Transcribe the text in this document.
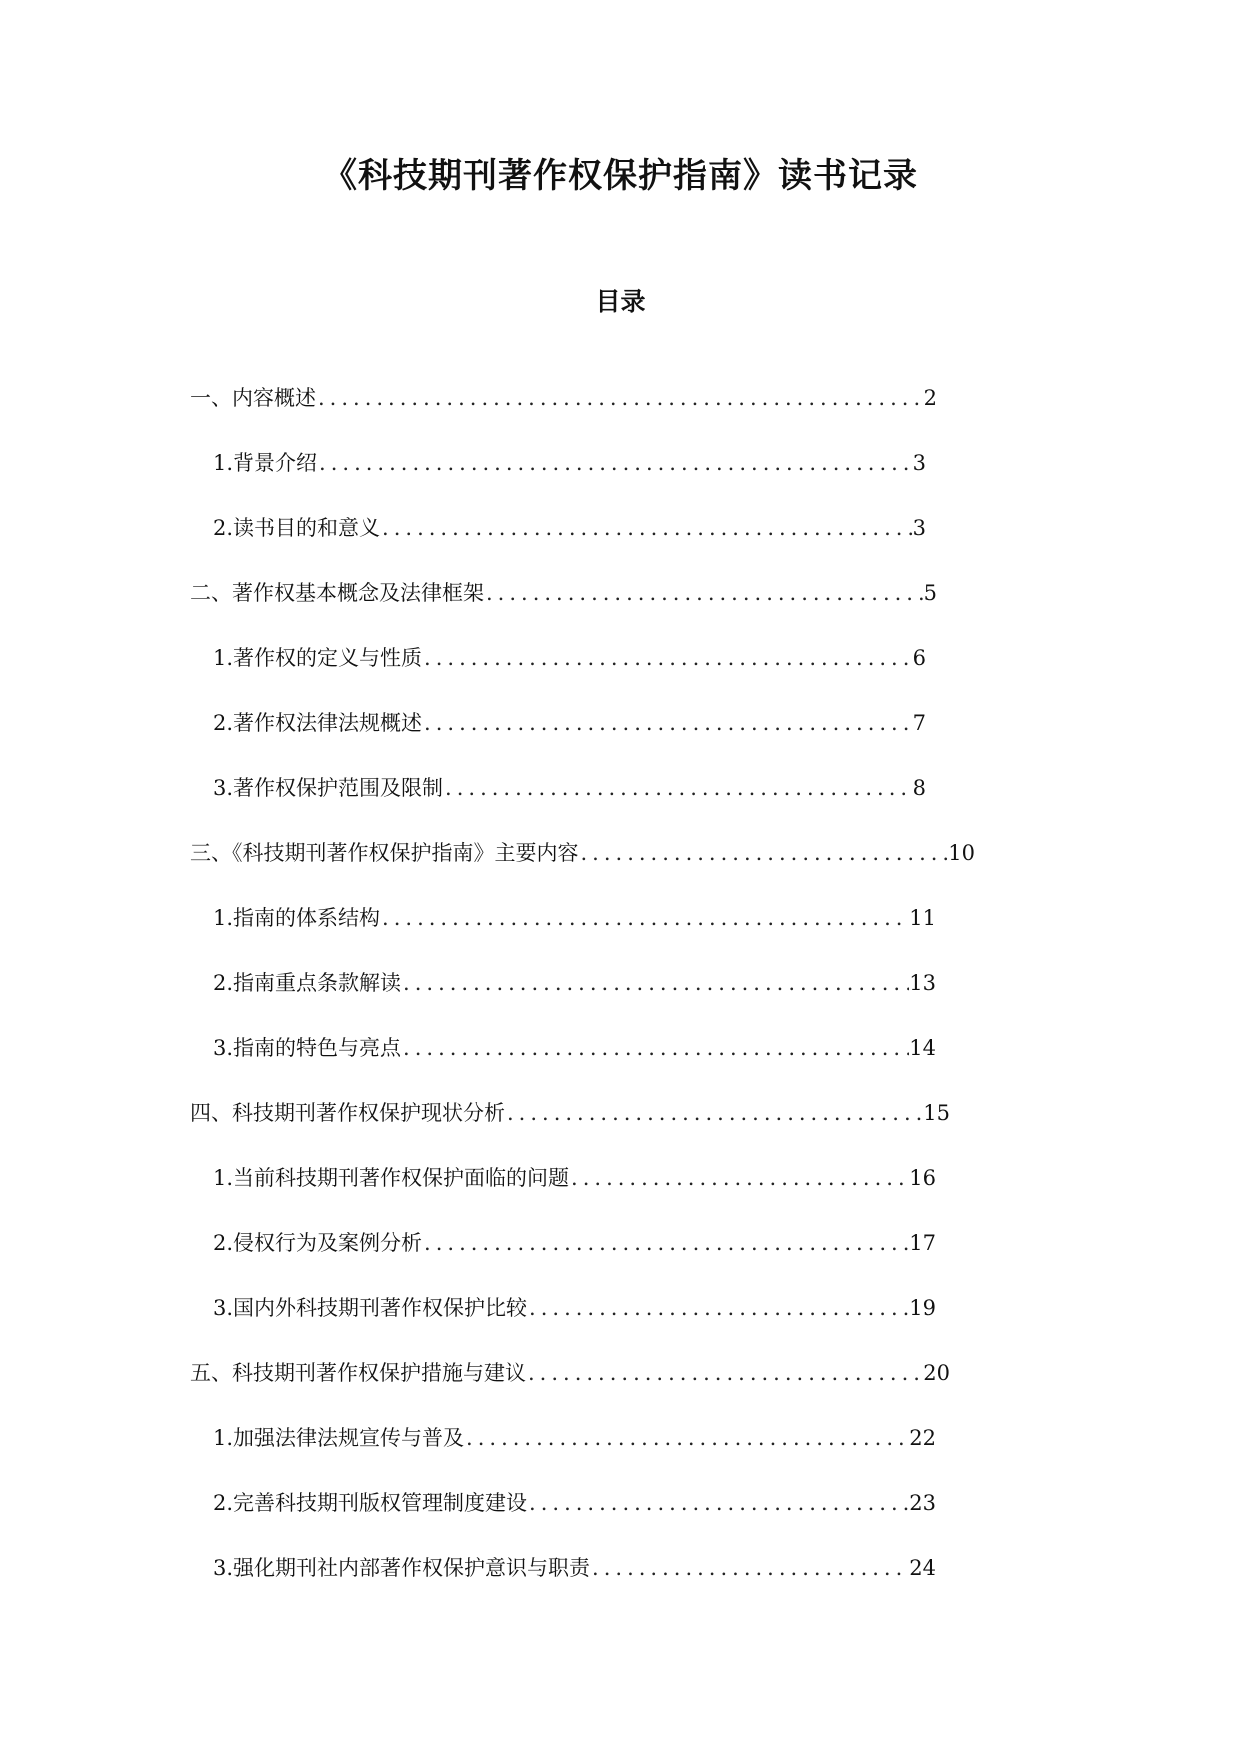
《科技期刊著作权保护指南》读书记录
目录
一、内容概述 .....	2
1. 背景介绍 .....	3
2. 读书目的和意义 .....	3
二、著作权基本概念及法律框架 .....	5
1. 著作权的定义与性质 .....	6
2. 著作权法律法规概述 .....	7
3. 著作权保护范围及限制 .....	8
三、《科技期刊著作权保护指南》主要内容 .....	10
1. 指南的体系结构 .....	11
2. 指南重点条款解读 .....	13
3. 指南的特色与亮点 .....	14
四、科技期刊著作权保护现状分析 .....	15
1. 当前科技期刊著作权保护面临的问题 .....	16
2. 侵权行为及案例分析 .....	17
3. 国内外科技期刊著作权保护比较 .....	19
五、科技期刊著作权保护措施与建议 .....	20
1. 加强法律法规宣传与普及 .....	22
2. 完善科技期刊版权管理制度建设 .....	23
3. 强化期刊社内部著作权保护意识与职责 .....	24
